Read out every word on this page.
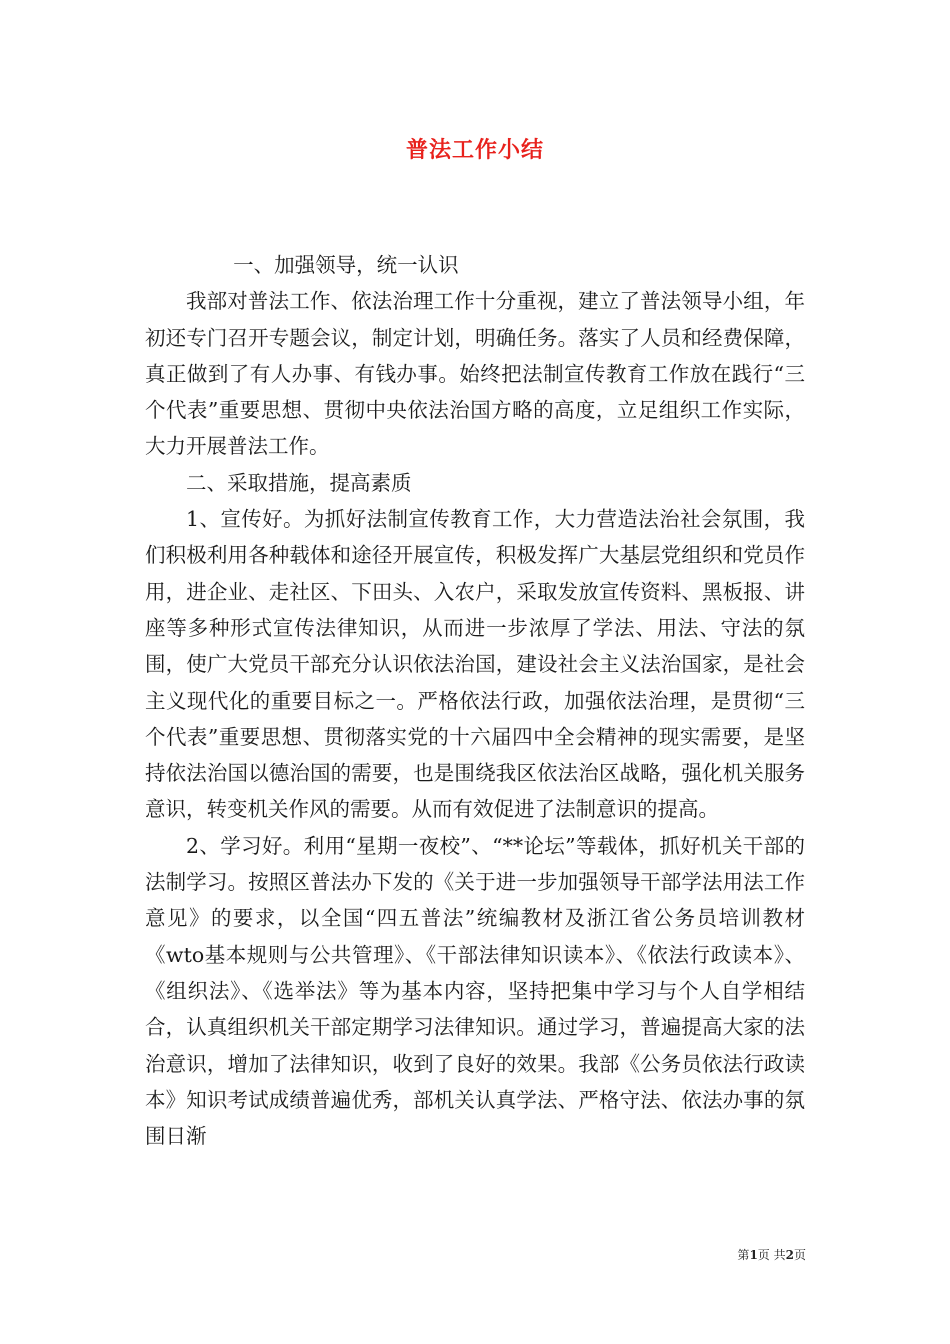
普法工作小结

一、加强领导，统一认识

我部对普法工作、依法治理工作十分重视，建立了普法领导小组，年初还专门召开专题会议，制定计划，明确任务。落实了人员和经费保障，真正做到了有人办事、有钱办事。始终把法制宣传教育工作放在践行“三个代表”重要思想、贯彻中央依法治国方略的高度，立足组织工作实际，大力开展普法工作。

二、采取措施，提高素质

1、宣传好。为抓好法制宣传教育工作，大力营造法治社会氛围，我们积极利用各种载体和途径开展宣传，积极发挥广大基层党组织和党员作用，进企业、走社区、下田头、入农户，采取发放宣传资料、黑板报、讲座等多种形式宣传法律知识，从而进一步浓厚了学法、用法、守法的氛围，使广大党员干部充分认识依法治国，建设社会主义法治国家，是社会主义现代化的重要目标之一。严格依法行政，加强依法治理，是贯彻“三个代表”重要思想、贯彻落实党的十六届四中全会精神的现实需要，是坚持依法治国以德治国的需要，也是围绕我区依法治区战略，强化机关服务意识，转变机关作风的需要。从而有效促进了法制意识的提高。

2、学习好。利用“星期一夜校”、“**论坛”等载体，抓好机关干部的法制学习。按照区普法办下发的《关于进一步加强领导干部学法用法工作意见》的要求，以全国“四五普法”统编教材及浙江省公务员培训教材《wto基本规则与公共管理》、《干部法律知识读本》、《依法行政读本》、《组织法》、《选举法》等为基本内容，坚持把集中学习与个人自学相结合，认真组织机关干部定期学习法律知识。通过学习，普遍提高大家的法治意识，增加了法律知识，收到了良好的效果。我部《公务员依法行政读本》知识考试成绩普遍优秀，部机关认真学法、严格守法、依法办事的氛围日渐

第1页 共2页
